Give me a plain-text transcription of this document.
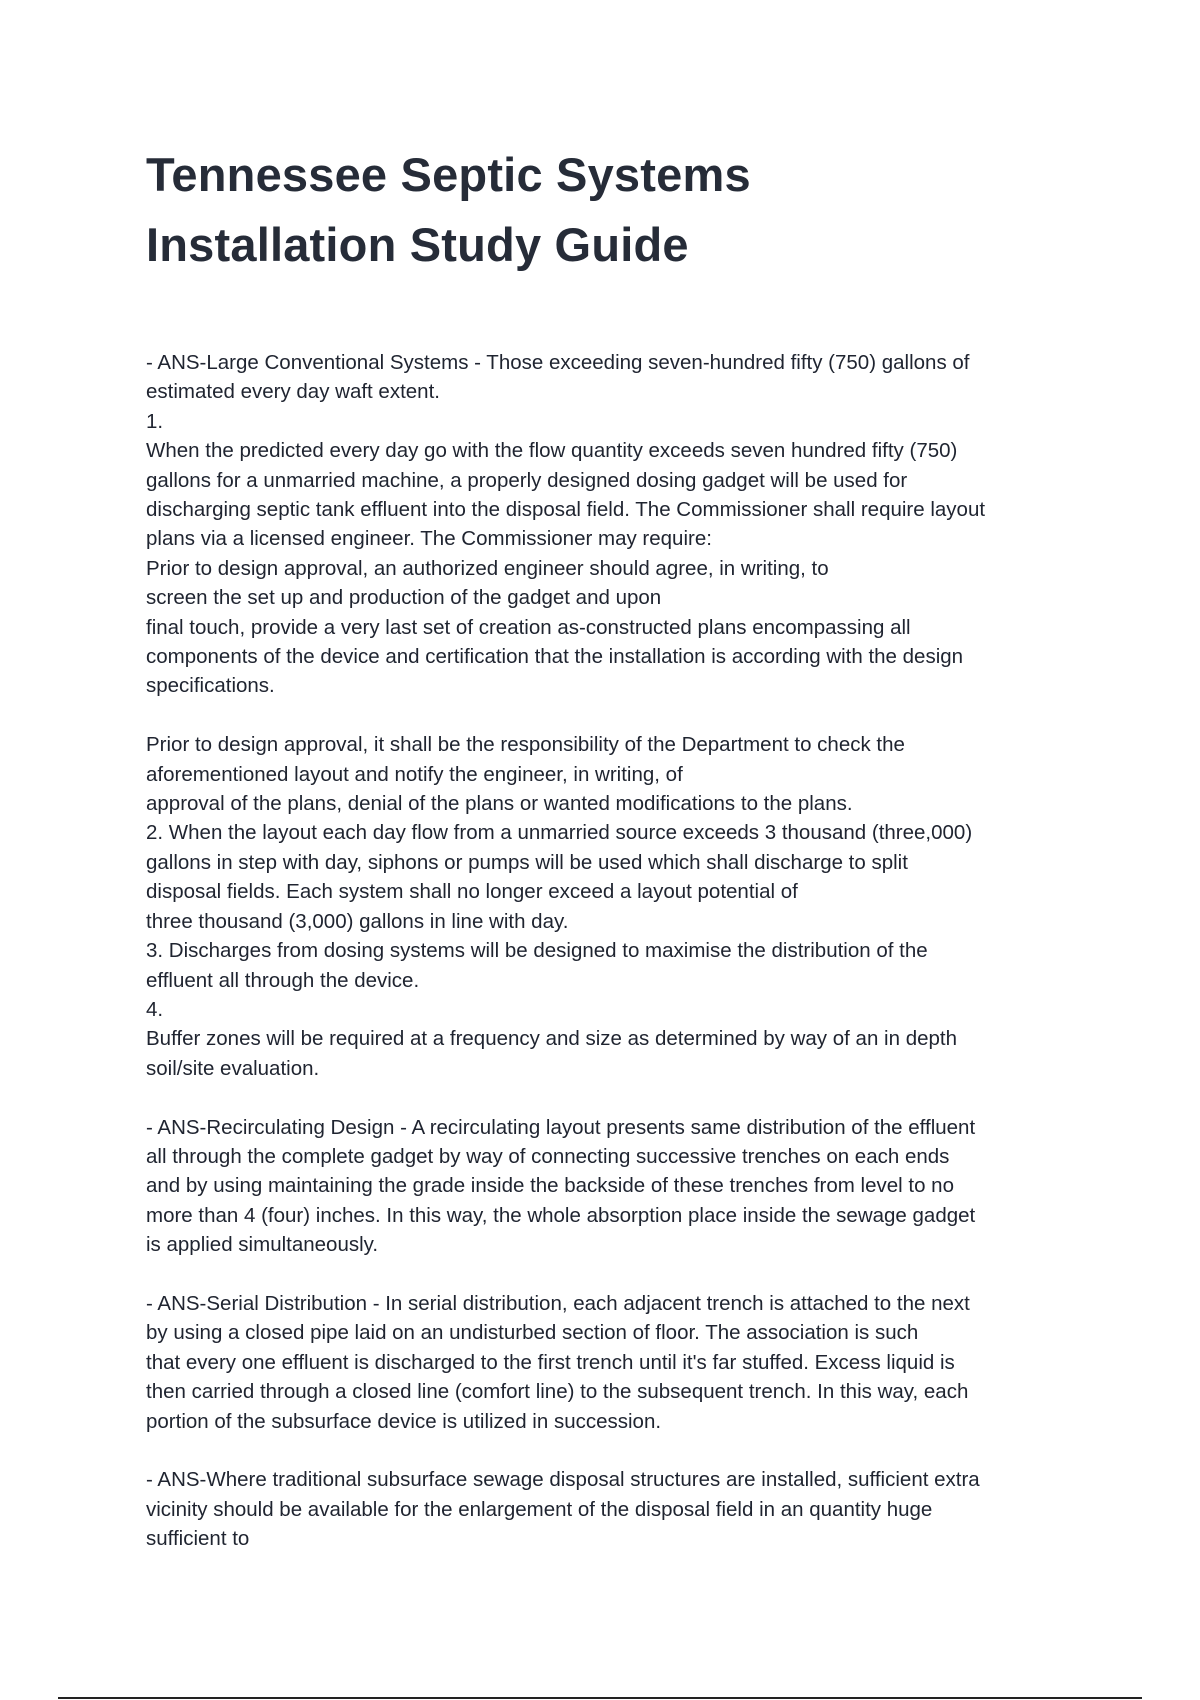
Tennessee Septic Systems
Installation Study Guide
- ANS-Large Conventional Systems - Those exceeding seven-hundred fifty (750) gallons of
estimated every day waft extent.
1.
When the predicted every day go with the flow quantity exceeds seven hundred fifty (750)
gallons for a unmarried machine, a properly designed dosing gadget will be used for
discharging septic tank effluent into the disposal field. The Commissioner shall require layout
plans via a licensed engineer. The Commissioner may require:
Prior to design approval, an authorized engineer should agree, in writing, to
screen the set up and production of the gadget and upon
final touch, provide a very last set of creation as-constructed plans encompassing all
components of the device and certification that the installation is according with the design
specifications.
Prior to design approval, it shall be the responsibility of the Department to check the
aforementioned layout and notify the engineer, in writing, of
approval of the plans, denial of the plans or wanted modifications to the plans.
2. When the layout each day flow from a unmarried source exceeds 3 thousand (three,000)
gallons in step with day, siphons or pumps will be used which shall discharge to split
disposal fields. Each system shall no longer exceed a layout potential of
three thousand (3,000) gallons in line with day.
3. Discharges from dosing systems will be designed to maximise the distribution of the
effluent all through the device.
4.
Buffer zones will be required at a frequency and size as determined by way of an in depth
soil/site evaluation.
- ANS-Recirculating Design - A recirculating layout presents same distribution of the effluent
all through the complete gadget by way of connecting successive trenches on each ends
and by using maintaining the grade inside the backside of these trenches from level to no
more than 4 (four) inches. In this way, the whole absorption place inside the sewage gadget
is applied simultaneously.
- ANS-Serial Distribution - In serial distribution, each adjacent trench is attached to the next
by using a closed pipe laid on an undisturbed section of floor. The association is such
that every one effluent is discharged to the first trench until it's far stuffed. Excess liquid is
then carried through a closed line (comfort line) to the subsequent trench. In this way, each
portion of the subsurface device is utilized in succession.
- ANS-Where traditional subsurface sewage disposal structures are installed, sufficient extra
vicinity should be available for the enlargement of the disposal field in an quantity huge
sufficient to
